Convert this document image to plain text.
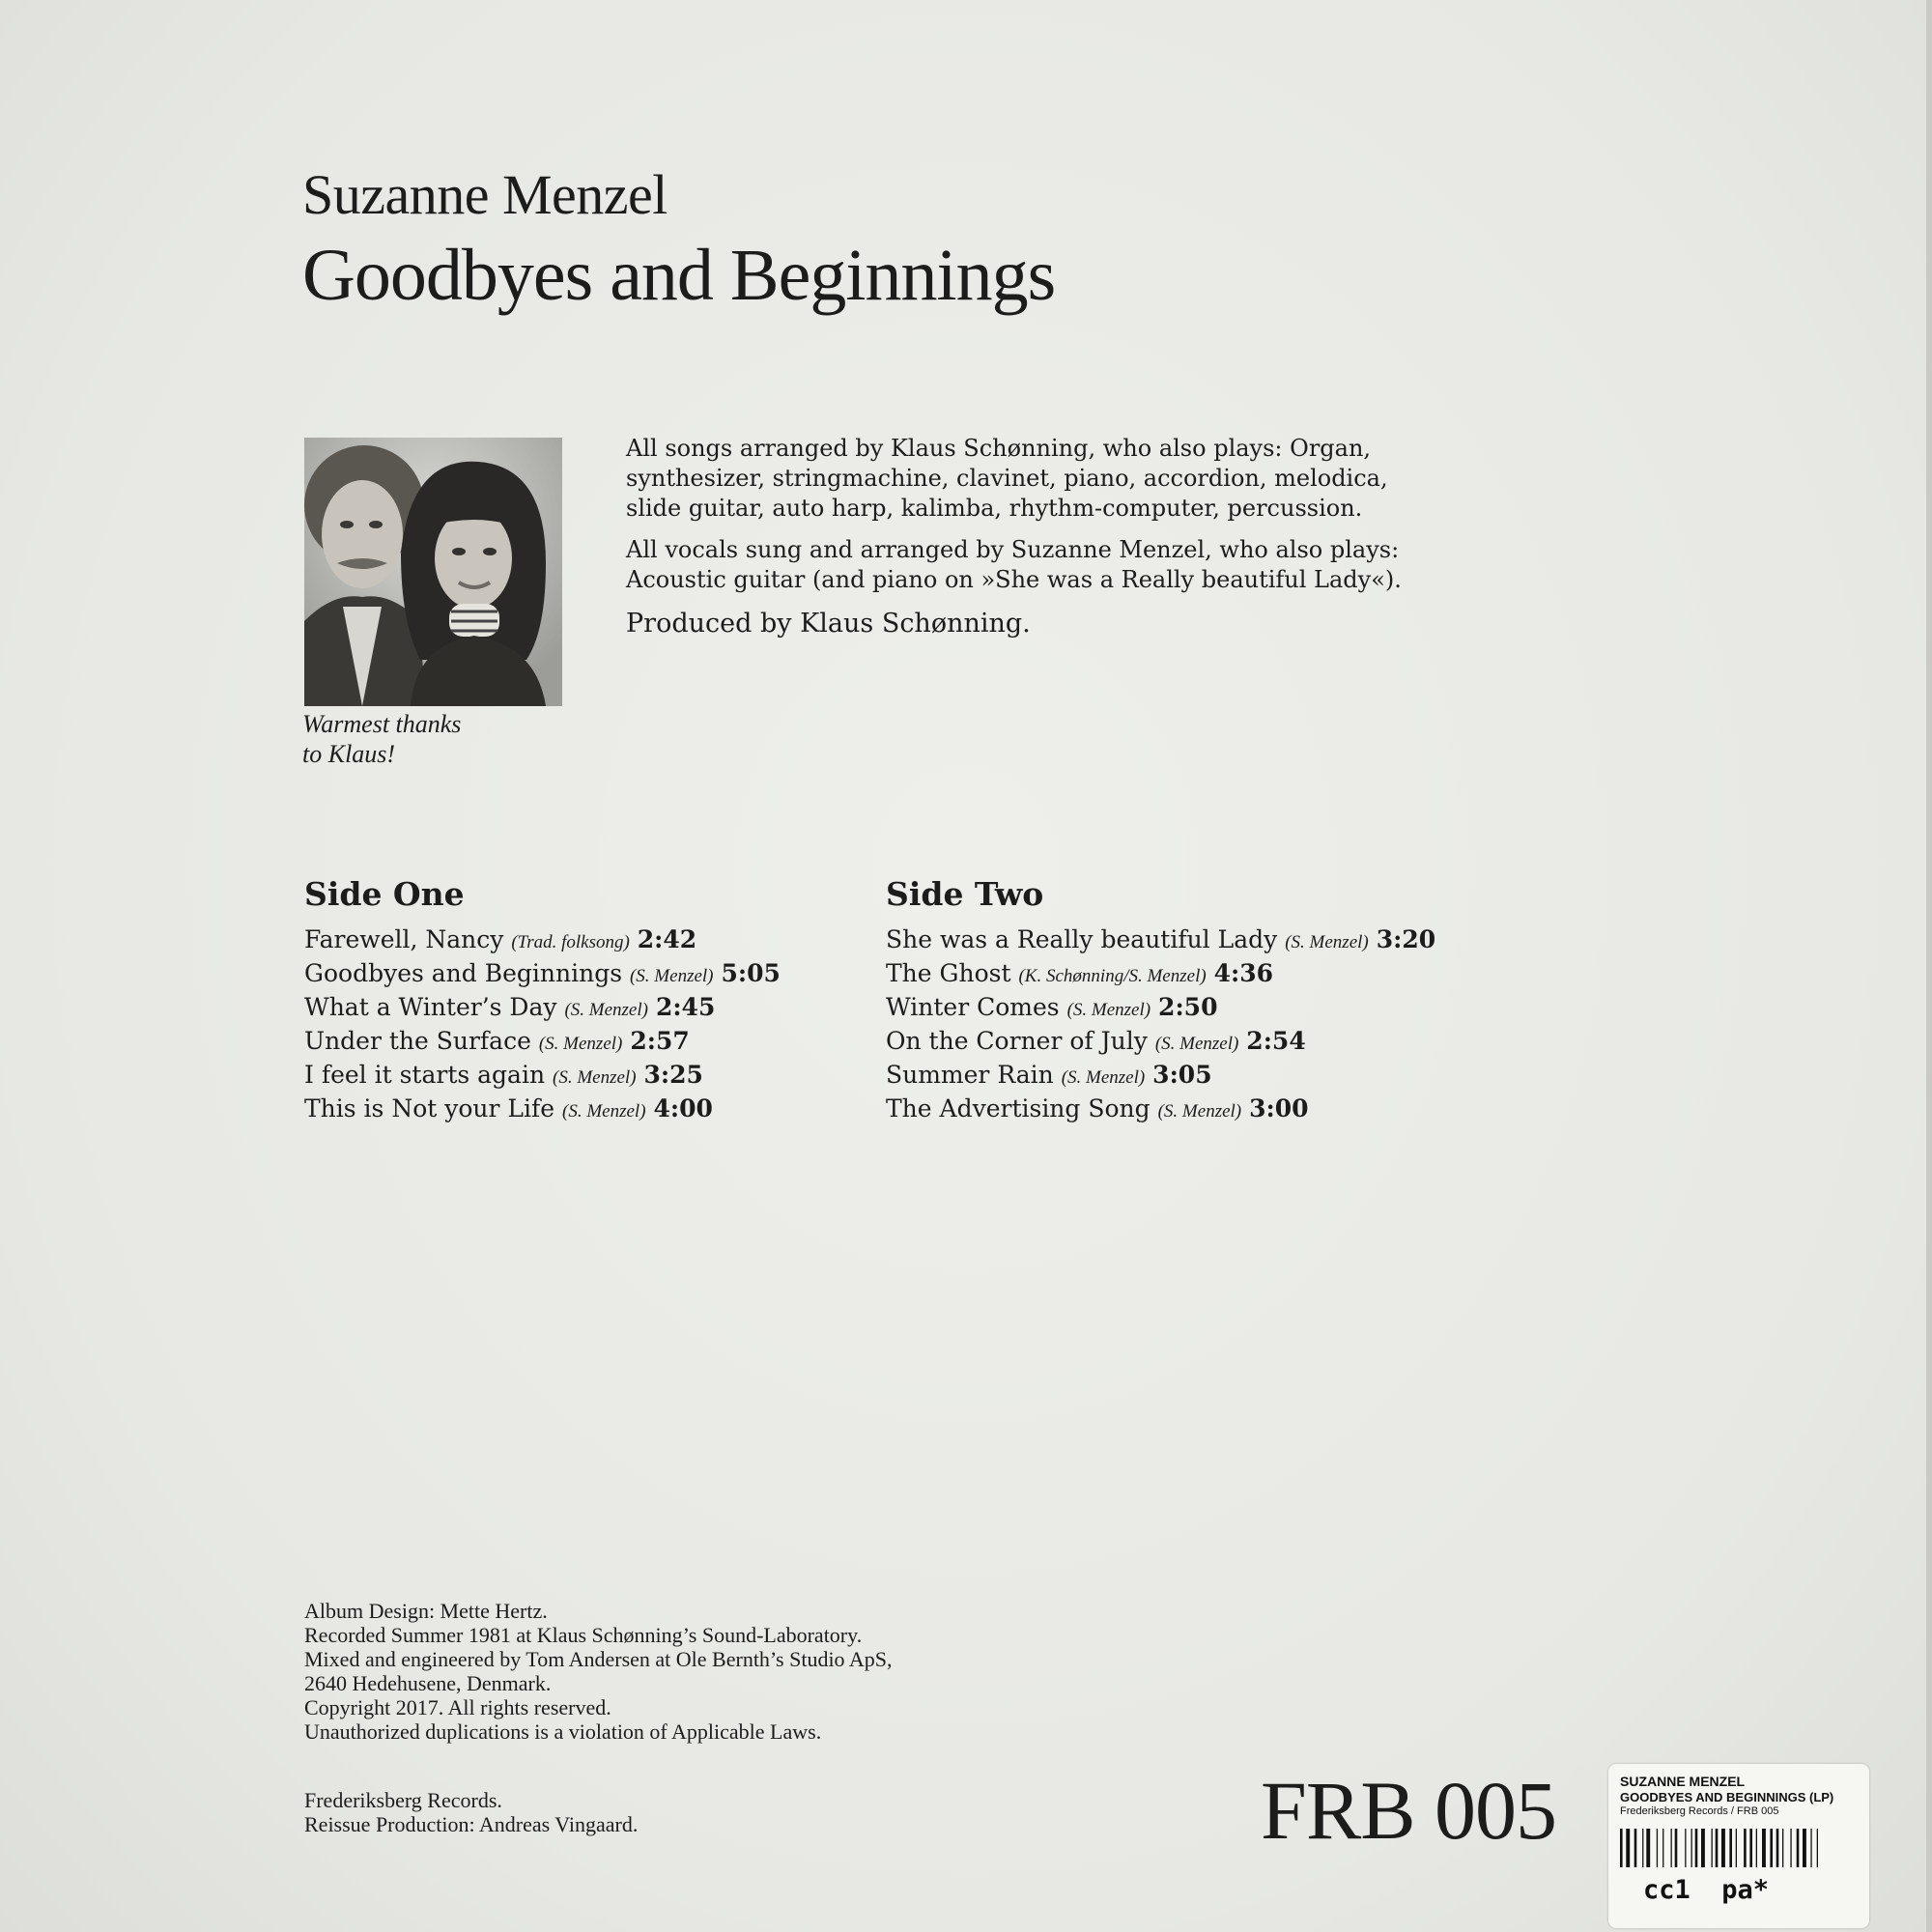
Suzanne Menzel
Goodbyes and Beginnings
Warmest thanks
to Klaus!

All songs arranged by Klaus Schønning, who also plays: Organ, synthesizer, stringmachine, clavinet, piano, accordion, melodica, slide guitar, auto harp, kalimba, rhythm-computer, percussion.

All vocals sung and arranged by Suzanne Menzel, who also plays: Acoustic guitar (and piano on »She was a Really beautiful Lady«).

Produced by Klaus Schønning.

Side One
Farewell, Nancy (Trad. folksong) 2:42
Goodbyes and Beginnings (S. Menzel) 5:05
What a Winter’s Day (S. Menzel) 2:45
Under the Surface (S. Menzel) 2:57
I feel it starts again (S. Menzel) 3:25
This is Not your Life (S. Menzel) 4:00
Side Two
She was a Really beautiful Lady (S. Menzel) 3:20
The Ghost (K. Schønning/S. Menzel) 4:36
Winter Comes (S. Menzel) 2:50
On the Corner of July (S. Menzel) 2:54
Summer Rain (S. Menzel) 3:05
The Advertising Song (S. Menzel) 3:00
Album Design: Mette Hertz.
Recorded Summer 1981 at Klaus Schønning’s Sound-Laboratory.
Mixed and engineered by Tom Andersen at Ole Bernth’s Studio ApS,
2640 Hedehusene, Denmark.
Copyright 2017. All rights reserved.
Unauthorized duplications is a violation of Applicable Laws.
Frederiksberg Records.
Reissue Production: Andreas Vingaard.	FRB 005	SUZANNE MENZEL
GOODBYES AND BEGINNINGS (LP)
Frederiksberg Records / FRB 005
cc1 pa*
